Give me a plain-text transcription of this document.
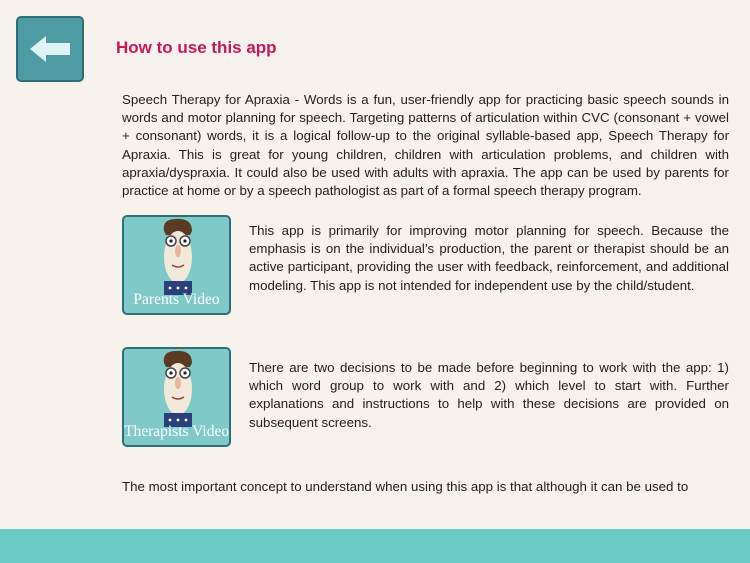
How to use this app

Speech Therapy for Apraxia - Words is a fun, user-friendly app for practicing basic speech sounds in words and motor planning for speech. Targeting patterns of articulation within CVC (consonant + vowel + consonant) words, it is a logical follow-up to the original syllable-based app, Speech Therapy for Apraxia. This is great for young children, children with articulation problems, and children with apraxia/dyspraxia. It could also be used with adults with apraxia. The app can be used by parents for practice at home or by a speech pathologist as part of a formal speech therapy program.

Parents Video

This app is primarily for improving motor planning for speech. Because the emphasis is on the individual’s production, the parent or therapist should be an active participant, providing the user with feedback, reinforcement, and additional modeling. This app is not intended for independent use by the child/student.

Therapists Video

There are two decisions to be made before beginning to work with the app: 1) which word group to work with and 2) which level to start with. Further explanations and instructions to help with these decisions are provided on subsequent screens.

The most important concept to understand when using this app is that although it can be used to
